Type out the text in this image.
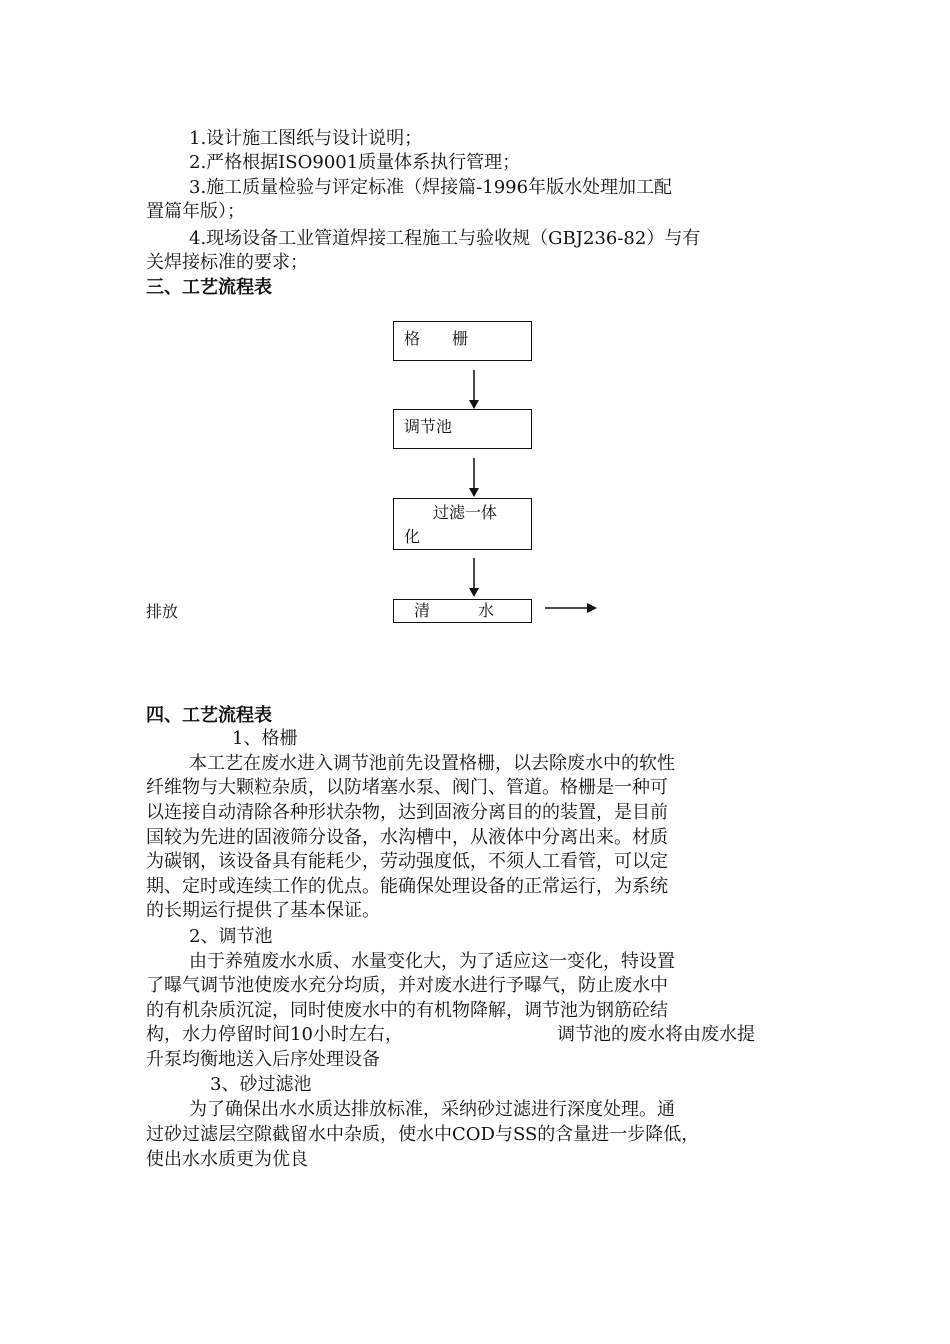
1.设计施工图纸与设计说明；

2.严格根据ISO9001质量体系执行管理；

3.施工质量检验与评定标准（焊接篇-1996年版水处理加工配

置篇年版）；

4.现场设备工业管道焊接工程施工与验收规（GBJ236-82）与有

关焊接标准的要求；

三、工艺流程表
格　　栅
调节池
过滤一体
化
排放	清　　　水
四、工艺流程表

1、格栅

本工艺在废水进入调节池前先设置格栅，以去除废水中的软性

纤维物与大颗粒杂质，以防堵塞水泵、阀门、管道。格栅是一种可

以连接自动清除各种形状杂物，达到固液分离目的的装置，是目前

国较为先进的固液筛分设备，水沟槽中，从液体中分离出来。材质

为碳钢，该设备具有能耗少，劳动强度低，不须人工看管，可以定

期、定时或连续工作的优点。能确保处理设备的正常运行，为系统

的长期运行提供了基本保证。

2、调节池

由于养殖废水水质、水量变化大，为了适应这一变化，特设置

了曝气调节池使废水充分均质，并对废水进行予曝气，防止废水中

的有机杂质沉淀，同时使废水中的有机物降解，调节池为钢筋砼结

构，水力停留时间10小时左右，	调节池的废水将由废水提

升泵均衡地送入后序处理设备

3、砂过滤池

为了确保出水水质达排放标准，采纳砂过滤进行深度处理。通

过砂过滤层空隙截留水中杂质，使水中COD与SS的含量进一步降低，

使出水水质更为优良
